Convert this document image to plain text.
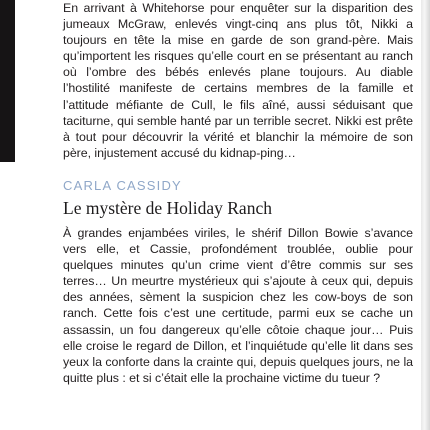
En arrivant à Whitehorse pour enquêter sur la disparition des jumeaux McGraw, enlevés vingt-cinq ans plus tôt, Nikki a toujours en tête la mise en garde de son grand-père. Mais qu’importent les risques qu’elle court en se présentant au ranch où l’ombre des bébés enlevés plane toujours. Au diable l’hostilité manifeste de certains membres de la famille et l’attitude méfiante de Cull, le fils aîné, aussi séduisant que taciturne, qui semble hanté par un terrible secret. Nikki est prête à tout pour découvrir la vérité et blanchir la mémoire de son père, injustement accusé du kidnap-ping…

CARLA CASSIDY
Le mystère de Holiday Ranch

À grandes enjambées viriles, le shérif Dillon Bowie s’avance vers elle, et Cassie, profondément troublée, oublie pour quelques minutes qu’un crime vient d’être commis sur ses terres… Un meurtre mystérieux qui s’ajoute à ceux qui, depuis des années, sèment la suspicion chez les cow-boys de son ranch. Cette fois c’est une certitude, parmi eux se cache un assassin, un fou dangereux qu’elle côtoie chaque jour… Puis elle croise le regard de Dillon, et l’inquiétude qu’elle lit dans ses yeux la conforte dans la crainte qui, depuis quelques jours, ne la quitte plus : et si c’était elle la prochaine victime du tueur ?
